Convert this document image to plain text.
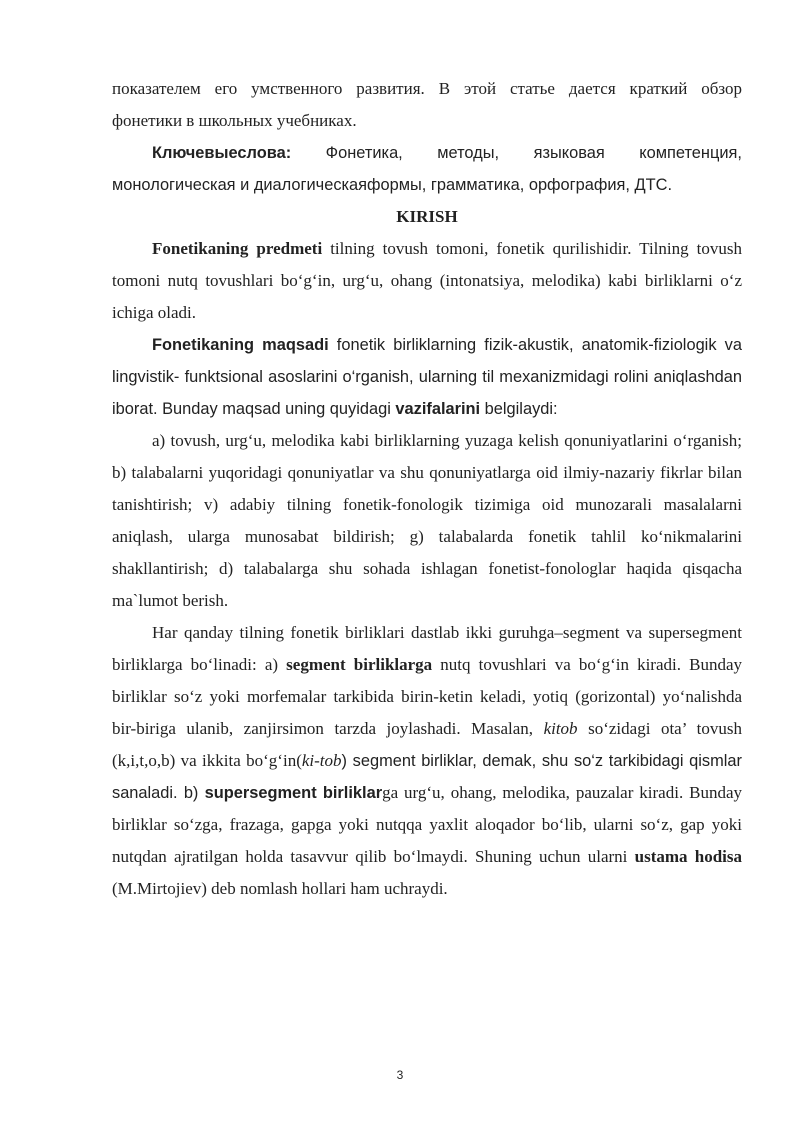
показателем его умственного развития. В этой статье дается краткий обзор
фонетики в школьных учебниках.

Ключевыеслова: Фонетика, методы, языковая компетенция,
монологическая и диалогическаяформы, грамматика, орфография, ДТС.
KIRISH

Fonetikaning predmeti tilning tovush tomoni, fonetik qurilishidir. Tilning tovush tomoni nutq tovushlari bo‘g‘in, urg‘u, ohang (intonatsiya, melodika) kabi birliklarni o‘z ichiga oladi.

Fonetikaning maqsadi fonetik birliklarning fizik-akustik, anatomik-fiziologik va lingvistik- funktsional asoslarini o‘rganish, ularning til mexanizmidagi rolini aniqlashdan iborat. Bunday maqsad uning quyidagi vazifalarini belgilaydi:

a) tovush, urg‘u, melodika kabi birliklarning yuzaga kelish qonuniyatlarini o‘rganish; b) talabalarni yuqoridagi qonuniyatlar va shu qonuniyatlarga oid ilmiy-nazariy fikrlar bilan tanishtirish; v) adabiy tilning fonetik-fonologik tizimiga oid munozarali masalalarni aniqlash, ularga munosabat bildirish; g) talabalarda fonetik tahlil ko‘nikmalarini shakllantirish; d) talabalarga shu sohada ishlagan fonetist-fonologlar haqida qisqacha ma`lumot berish.

Har qanday tilning fonetik birliklari dastlab ikki guruhga–segment va supersegment birliklarga bo‘linadi: a) segment birliklarga nutq tovushlari va bo‘g‘in kiradi. Bunday birliklar so‘z yoki morfemalar tarkibida birin-ketin keladi, yotiq (gorizontal) yo‘nalishda bir-biriga ulanib, zanjirsimon tarzda joylashadi. Masalan, kitob so‘zidagi ota’ tovush (k,i,t,o,b) va ikkita bo‘g‘in(ki-tob) segment birliklar, demak, shu so‘z tarkibidagi qismlar sanaladi. b) supersegment birliklarga urg‘u, ohang, melodika, pauzalar kiradi. Bunday birliklar so‘zga, frazaga, gapga yoki nutqqa yaxlit aloqador bo‘lib, ularni so‘z, gap yoki nutqdan ajratilgan holda tasavvur qilib bo‘lmaydi. Shuning uchun ularni ustama hodisa (M.Mirtojiev) deb nomlash hollari ham uchraydi.

3
